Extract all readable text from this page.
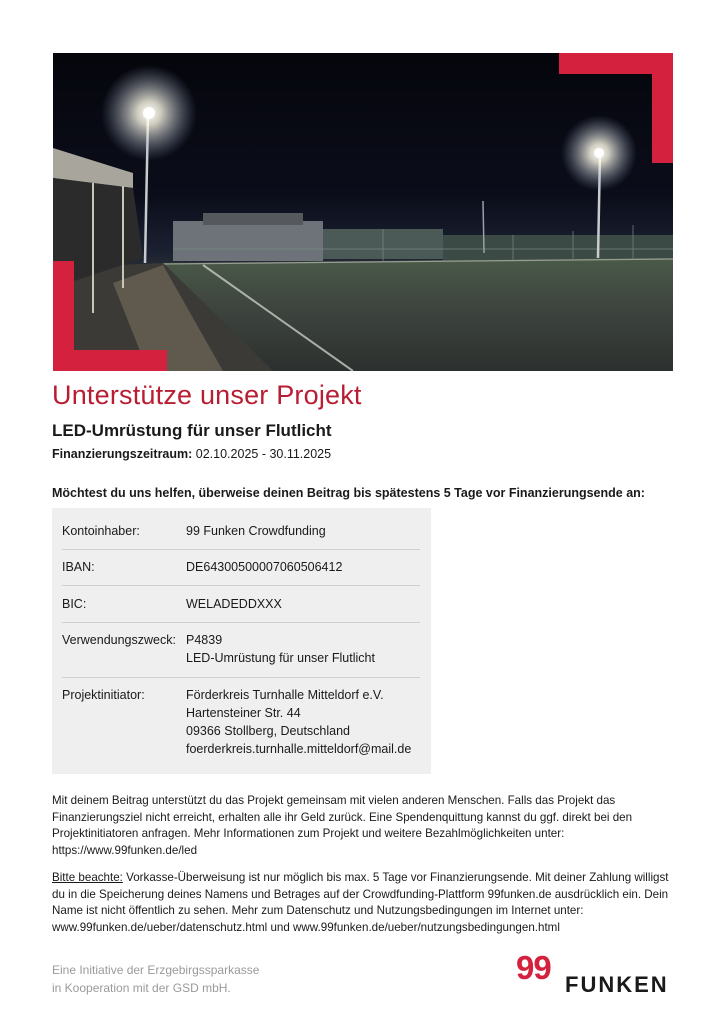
Unterstütze unser Projekt
LED-Umrüstung für unser Flutlicht
Finanzierungszeitraum: 02.10.2025 - 30.11.2025
Möchtest du uns helfen, überweise deinen Beitrag bis spätestens 5 Tage vor Finanzierungsende an:
Kontoinhaber:	99 Funken Crowdfunding
IBAN:	DE64300500007060506412
BIC:	WELADEDDXXX
Verwendungszweck: P4839
LED-Umrüstung für unser Flutlicht
Projektinitiator:	Förderkreis Turnhalle Mitteldorf e.V.
Hartensteiner Str. 44
09366 Stollberg, Deutschland
foerderkreis.turnhalle.mitteldorf@mail.de

Mit deinem Beitrag unterstützt du das Projekt gemeinsam mit vielen anderen Menschen. Falls das Projekt das Finanzierungsziel nicht erreicht, erhalten alle ihr Geld zurück. Eine Spendenquittung kannst du ggf. direkt bei den Projektinitiatoren anfragen. Mehr Informationen zum Projekt und weitere Bezahlmöglichkeiten unter: https://www.99funken.de/led

Bitte beachte: Vorkasse-Überweisung ist nur möglich bis max. 5 Tage vor Finanzierungsende. Mit deiner Zahlung willigst du in die Speicherung deines Namens und Betrages auf der Crowdfunding-Plattform 99funken.de ausdrücklich ein. Dein Name ist nicht öffentlich zu sehen. Mehr zum Datenschutz und Nutzungsbedingungen im Internet unter: www.99funken.de/ueber/datenschutz.html und www.99funken.de/ueber/nutzungsbedingungen.html

Eine Initiative der Erzgebirgssparkasse
in Kooperation mit der GSD mbH.
99 FUNKEN
